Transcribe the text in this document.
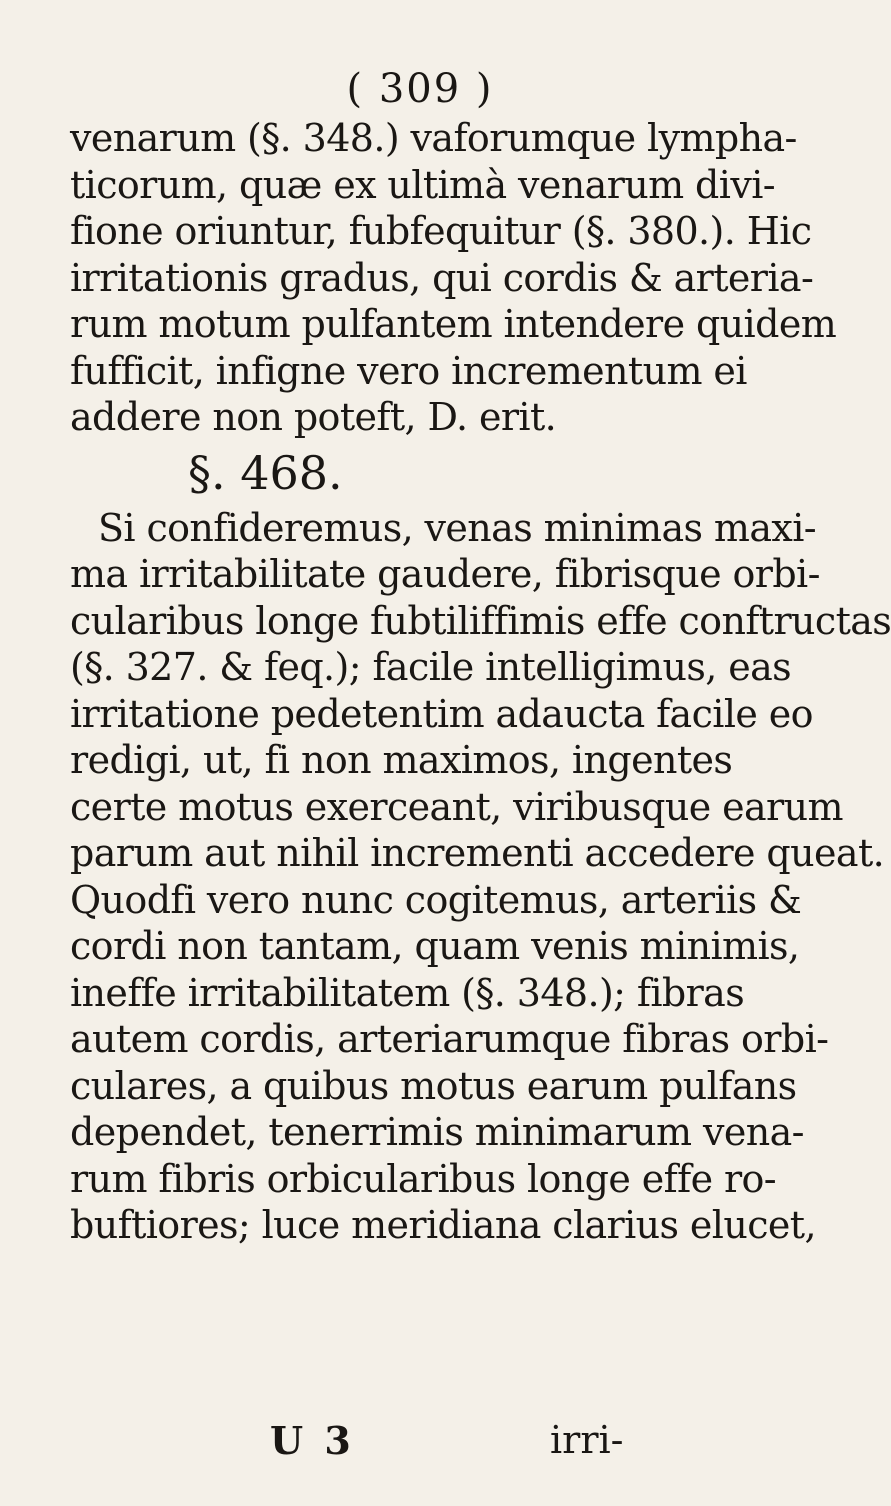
( 309 )
venarum (§. 348.) vaforumque lympha-
ticorum, quæ ex ultimà venarum divi-
fione oriuntur, fubfequitur (§. 380.). Hic
irritationis gradus, qui cordis & arteria-
rum motum pulfantem intendere quidem
fufficit, infigne vero incrementum ei
addere non poteft, D. erit.
§. 468.
Si confideremus, venas minimas maxi-
ma irritabilitate gaudere, fibrisque orbi-
cularibus longe fubtiliffimis effe conftructas
(§. 327. & feq.); facile intelligimus, eas
irritatione pedetentim adaucta facile eo
redigi, ut, fi non maximos, ingentes
certe motus exerceant, viribusque earum
parum aut nihil incrementi accedere queat.
Quodfi vero nunc cogitemus, arteriis &
cordi non tantam, quam venis minimis,
ineffe irritabilitatem (§. 348.); fibras
autem cordis, arteriarumque fibras orbi-
culares, a quibus motus earum pulfans
dependet, tenerrimis minimarum vena-
rum fibris orbicularibus longe effe ro-
buftiores; luce meridiana clarius elucet,
U 3	irri-
